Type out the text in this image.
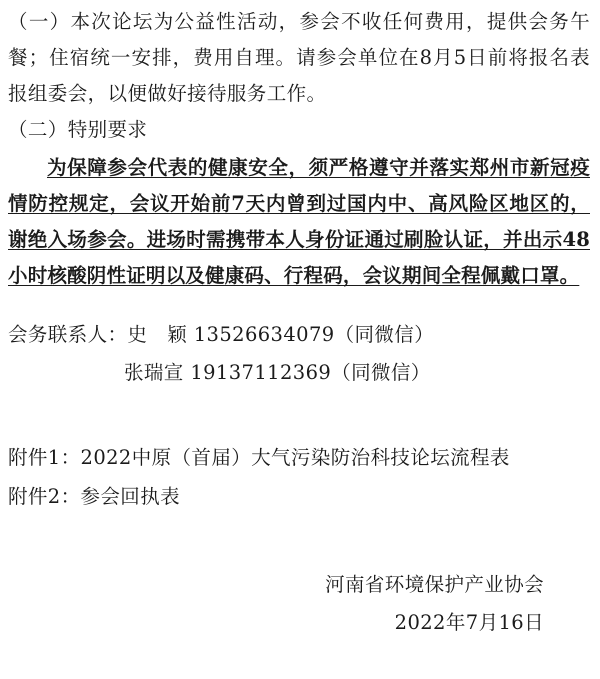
（一）本次论坛为公益性活动，参会不收任何费用，提供会务午餐；住宿统一安排，费用自理。请参会单位在8月5日前将报名表报组委会，以便做好接待服务工作。

（二）特别要求

为保障参会代表的健康安全，须严格遵守并落实郑州市新冠疫情防控规定，会议开始前7天内曾到过国内中、高风险区地区的，谢绝入场参会。进场时需携带本人身份证通过刷脸认证，并出示48小时核酸阴性证明以及健康码、行程码，会议期间全程佩戴口罩。

会务联系人：史　颖 13526634079（同微信）

张瑞宣 19137112369（同微信）

附件1：2022中原（首届）大气污染防治科技论坛流程表

附件2：参会回执表

河南省环境保护产业协会

2022年7月16日
